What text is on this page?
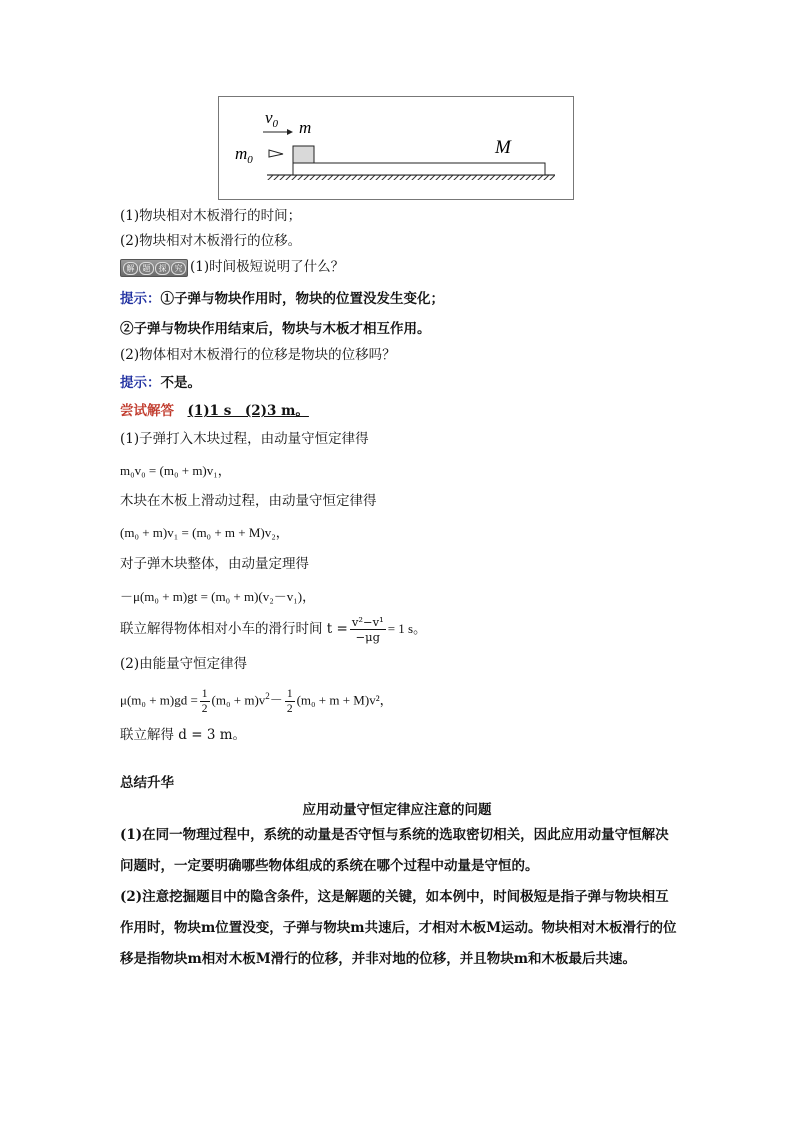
$v_0$ m
$m_0$
M
(1)物块相对木板滑行的时间；
(2)物块相对木板滑行的位移。
解	题	探	究 (1)时间极短说明了什么？
提示：①子弹与物块作用时，物块的位置没发生变化；
②子弹与物块作用结束后，物块与木板才相互作用。
(2)物体相对木板滑行的位移是物块的位移吗？
提示：不是。
尝试解答　 (1)1 s　(2)3 m。
(1)子弹打入木块过程，由动量守恒定律得
m₀v₀ = (m₀ + m)v₁，
木块在木板上滑动过程，由动量守恒定律得
(m₀ + m)v₁ = (m₀ + m + M)v₂，
对子弹木块整体，由动量定理得
－μ(m₀ + m)gt = (m₀ + m)(v₂－v₁)，
联立解得物体相对小车的滑行时间 $t = \frac{\text{v²−v¹}}{-\mu g} = 1$ s。
(2)由能量守恒定律得
$\mu(m_0 + m)gd = \frac{1}{2} (m_0 + m)v^2- \frac{1}{2} (m_0 + m + M)v^2$，
联立解得 d = 3 m。
总结升华
应用动量守恒定律应注意的问题
(1)在同一物理过程中，系统的动量是否守恒与系统的选取密切相关，因此应用动量守恒解决问题时，一定要明确哪些物体组成的系统在哪个过程中动量是守恒的。
(2)注意挖掘题目中的隐含条件，这是解题的关键，如本例中，时间极短是指子弹与物块相互作用时，物块m位置没变，子弹与物块m共速后，才相对木板M运动。物块相对木板滑行的位移是指物块m相对木板M滑行的位移，并非对地的位移，并且物块m和木板最后共速。
